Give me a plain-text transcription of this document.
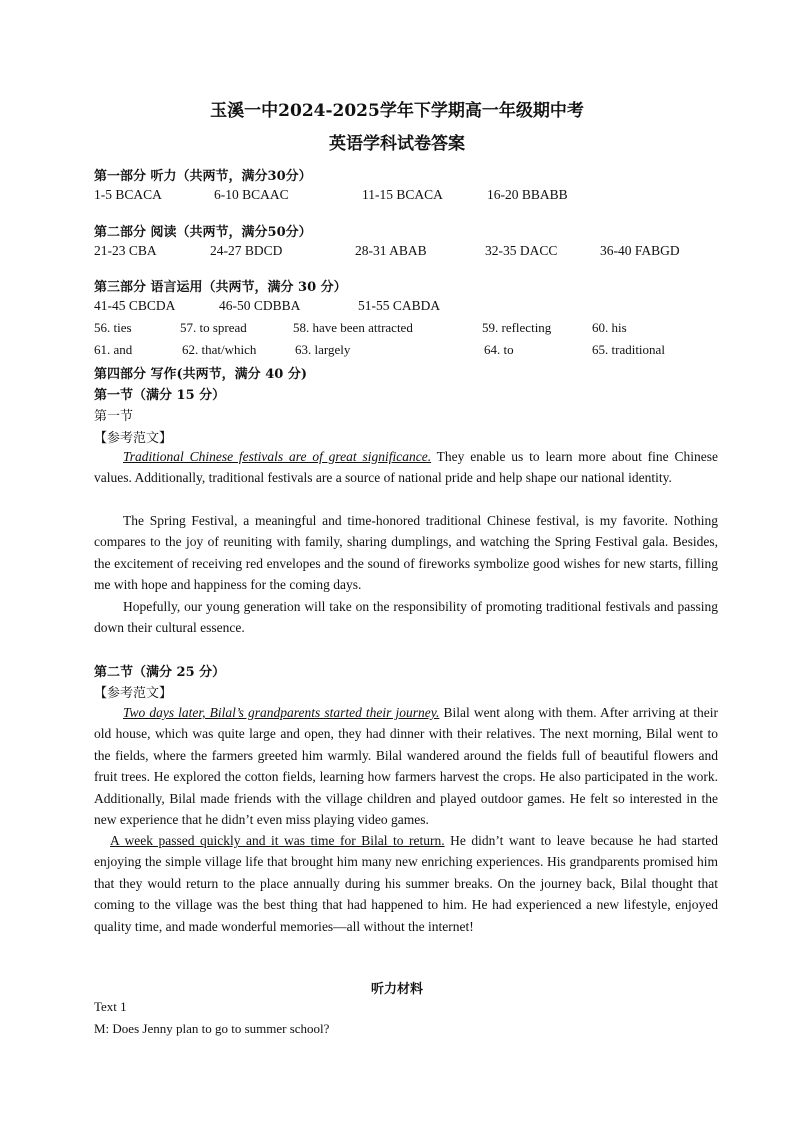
玉溪一中2024-2025学年下学期高一年级期中考
英语学科试卷答案
第一部分 听力（共两节，满分30分）
1-5 BCACA	6-10 BCAAC	11-15 BCACA	16-20 BBABB
第二部分 阅读（共两节，满分50分）
21-23 CBA	24-27 BDCD	28-31 ABAB	32-35 DACC	36-40 FABGD
第三部分 语言运用（共两节，满分 30 分）
41-45 CBCDA	46-50 CDBBA	51-55 CABDA
56. ties	57. to spread	58. have been attracted	59. reflecting	60. his
61. and	62. that/which	63. largely	64. to	65. traditional
第四部分 写作(共两节，满分 40 分)
第一节（满分 15 分）
第一节
【参考范文】

Traditional Chinese festivals are of great significance. They enable us to learn more about fine Chinese values. Additionally, traditional festivals are a source of national pride and help shape our national identity.

The Spring Festival, a meaningful and time-honored traditional Chinese festival, is my favorite. Nothing compares to the joy of reuniting with family, sharing dumplings, and watching the Spring Festival gala. Besides, the excitement of receiving red envelopes and the sound of fireworks symbolize good wishes for new starts, filling me with hope and happiness for the coming days.

Hopefully, our young generation will take on the responsibility of promoting traditional festivals and passing down their cultural essence.

第二节（满分 25 分）
【参考范文】

Two days later, Bilal’s grandparents started their journey. Bilal went along with them. After arriving at their old house, which was quite large and open, they had dinner with their relatives. The next morning, Bilal went to the fields, where the farmers greeted him warmly. Bilal wandered around the fields full of beautiful flowers and fruit trees. He explored the cotton fields, learning how farmers harvest the crops. He also participated in the work. Additionally, Bilal made friends with the village children and played outdoor games. He felt so interested in the new experience that he didn’t even miss playing video games.

A week passed quickly and it was time for Bilal to return. He didn’t want to leave because he had started enjoying the simple village life that brought him many new enriching experiences. His grandparents promised him that they would return to the place annually during his summer breaks. On the journey back, Bilal thought that coming to the village was the best thing that had happened to him. He had experienced a new lifestyle, enjoyed quality time, and made wonderful memories—all without the internet!

听力材料
Text 1
M: Does Jenny plan to go to summer school?
